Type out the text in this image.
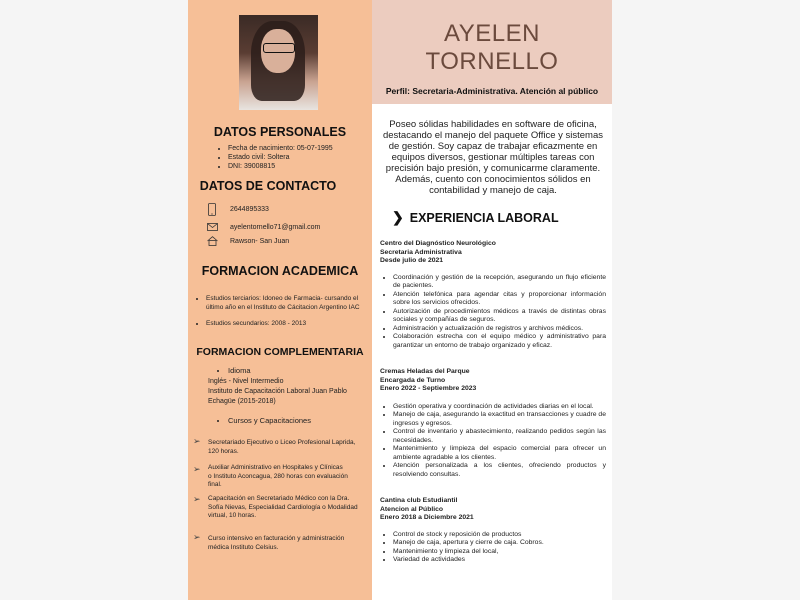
DATOS PERSONALES
• Fecha de nacimiento: 05-07-1995
• Estado civil: Soltera
• DNI: 39008815
DATOS DE CONTACTO
2644895333
ayelentornello71@gmail.com
Rawson- San Juan
FORMACION ACADEMICA
• Estudios terciarios: Idoneo de Farmacia- cursando el último año en el Instituto de Cácitacion Argentino IAC
• Estudios secundarios: 2008 - 2013
FORMACION COMPLEMENTARIA
• Idioma
Inglés - Nivel Intermedio
Instituto de Capacitación Laboral Juan Pablo
Echagüe (2015-2018)
• Cursos y Capacitaciones
➢ Secretariado Ejecutivo o Liceo Profesional Laprida, 120 horas.
➢ Auxiliar Administrativo en Hospitales y Clínicas o Instituto Aconcagua, 280 horas con evaluación final.
➢ Capacitación en Secretariado Médico con la Dra. Sofía Nievas, Especialidad Cardiología o Modalidad virtual, 10 horas.
➢ Curso intensivo en facturación y administración médica Instituto Celsius.
AYELEN
TORNELLO
Perfil: Secretaria-Administrativa. Atención al público
Poseo sólidas habilidades en software de oficina, destacando el manejo del paquete Office y sistemas de gestión. Soy capaz de trabajar eficazmente en equipos diversos, gestionar múltiples tareas con precisión bajo presión, y comunicarme claramente. Además, cuento con conocimientos sólidos en contabilidad y manejo de caja.
❯ EXPERIENCIA LABORAL
Centro del Diagnóstico Neurológico
Secretaria Administrativa
Desde julio de 2021
• Coordinación y gestión de la recepción, asegurando un flujo eficiente de pacientes.
• Atención telefónica para agendar citas y proporcionar información sobre los servicios ofrecidos.
• Autorización de procedimientos médicos a través de distintas obras sociales y compañías de seguros.
• Administración y actualización de registros y archivos médicos.
• Colaboración estrecha con el equipo médico y administrativo para garantizar un entorno de trabajo organizado y eficaz.
Cremas Heladas del Parque
Encargada de Turno
Enero 2022 - Septiembre 2023
• Gestión operativa y coordinación de actividades diarias en el local.
• Manejo de caja, asegurando la exactitud en transacciones y cuadre de ingresos y egresos.
• Control de inventario y abastecimiento, realizando pedidos según las necesidades.
• Mantenimiento y limpieza del espacio comercial para ofrecer un ambiente agradable a los clientes.
• Atención personalizada a los clientes, ofreciendo productos y resolviendo consultas.
Cantina club Estudiantil
Atencion al Público
Enero 2018 a Diciembre 2021
• Control de stock y reposición de productos
• Manejo de caja, apertura y cierre de caja. Cobros.
• Mantenimiento y limpieza del local,
• Variedad de actividades
